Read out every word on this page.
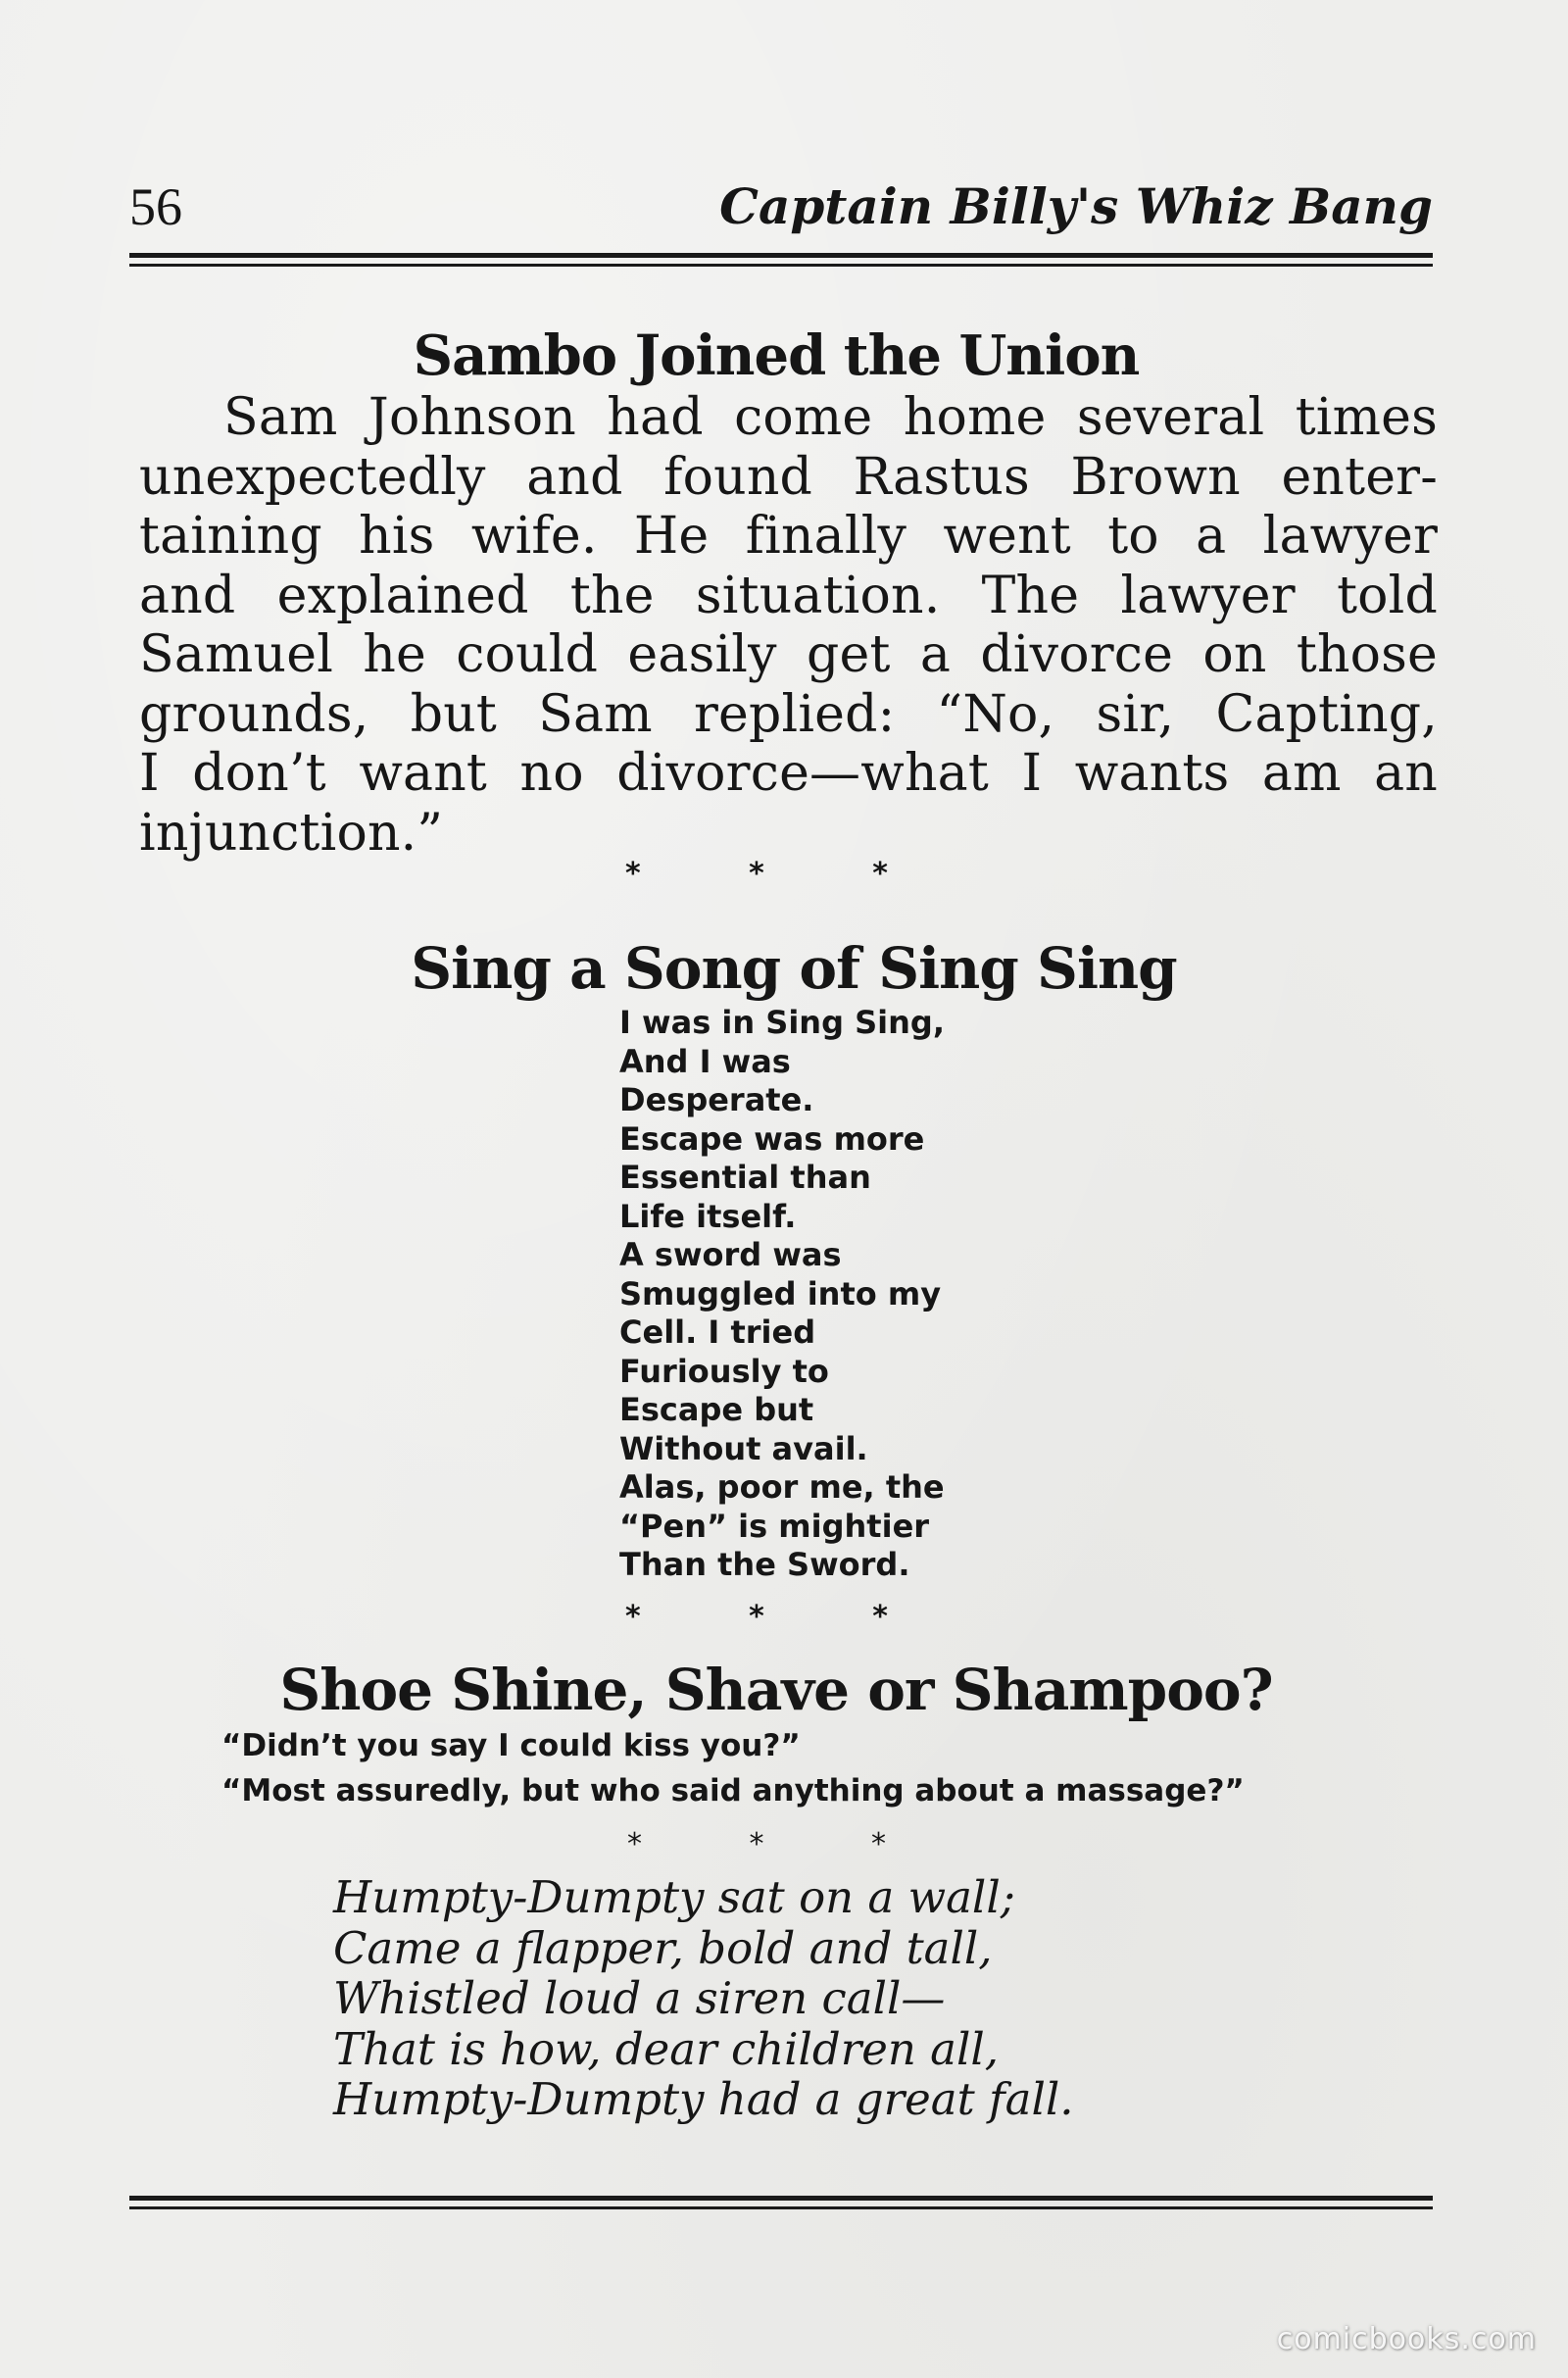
56	Captain Billy's Whiz Bang
Sambo Joined the Union
Sam Johnson had come home several times
unexpectedly and found Rastus Brown enter-
taining his wife. He finally went to a lawyer
and explained the situation. The lawyer told
Samuel he could easily get a divorce on those
grounds, but Sam replied: “No, sir, Capting,
I don’t want no divorce—what I wants am an
injunction.”
* * *
Sing a Song of Sing Sing
I was in Sing Sing,
And I was
Desperate.
Escape was more
Essential than
Life itself.
A sword was
Smuggled into my
Cell. I tried
Furiously to
Escape but
Without avail.
Alas, poor me, the
“Pen” is mightier
Than the Sword.
* * *
Shoe Shine, Shave or Shampoo?
“Didn’t you say I could kiss you?”
“Most assuredly, but who said anything about a massage?”
* * *
Humpty-Dumpty sat on a wall;
Came a flapper, bold and tall,
Whistled loud a siren call—
That is how, dear children all,
Humpty-Dumpty had a great fall.
comicbooks.com
